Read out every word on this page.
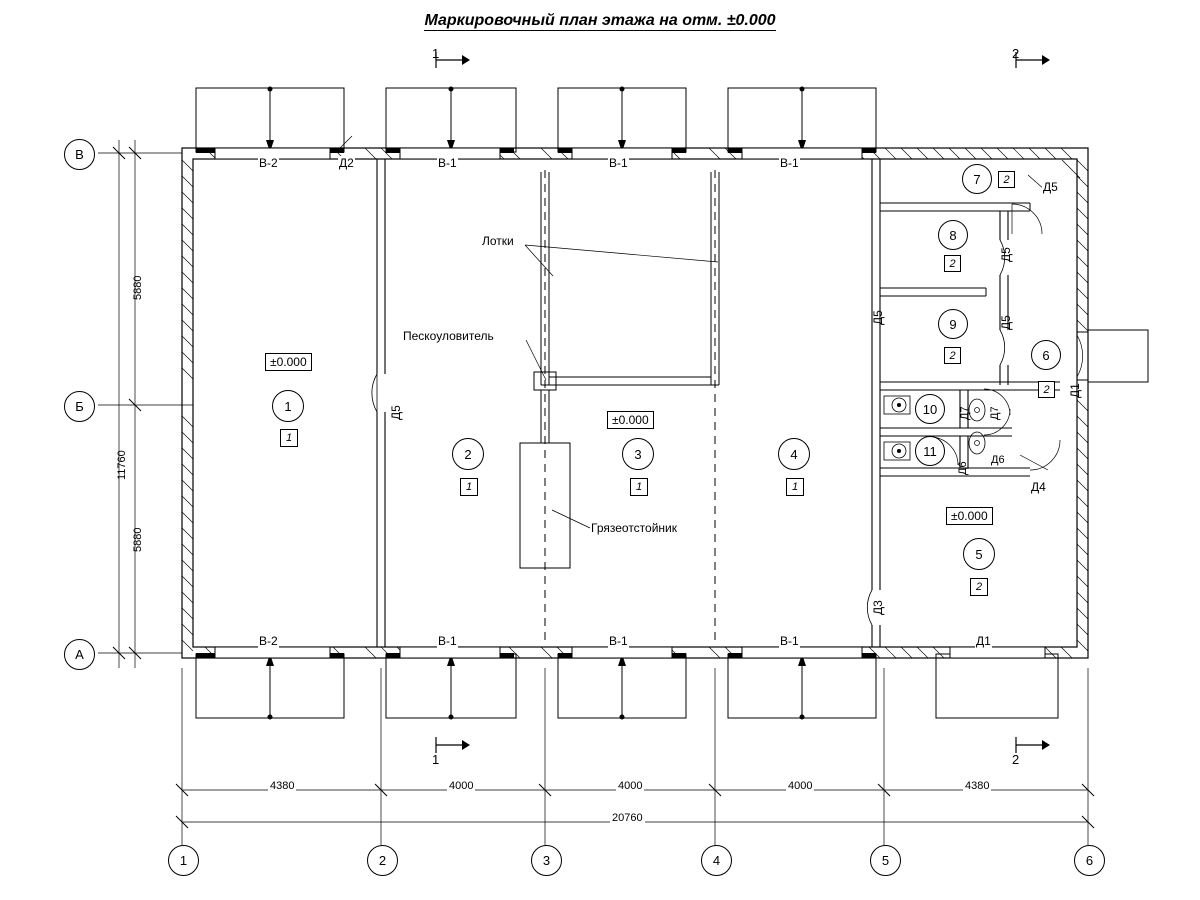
Маркировочный план этажа на отм. ±0.000
1	2
1	2
В
Б
А
1	2	3	4	5	6
4380	4000	4000	4000	4380
20760
5880
5880
11760
В-2	В-1	В-1	В-1
В-2	В-1	В-1	В-1
Д2
Д5
Д5
Д5
Д5	Д5
Д1
Д1
Д7 Д7
Д6
Д6
Д4
Д3
±0.000
±0.000
±0.000
1
1
2
1
3
1
4
1
5
2
6
2
7	2
8
2
9
2
10
11
Лотки
Пескоуловитель
Грязеотстойник
